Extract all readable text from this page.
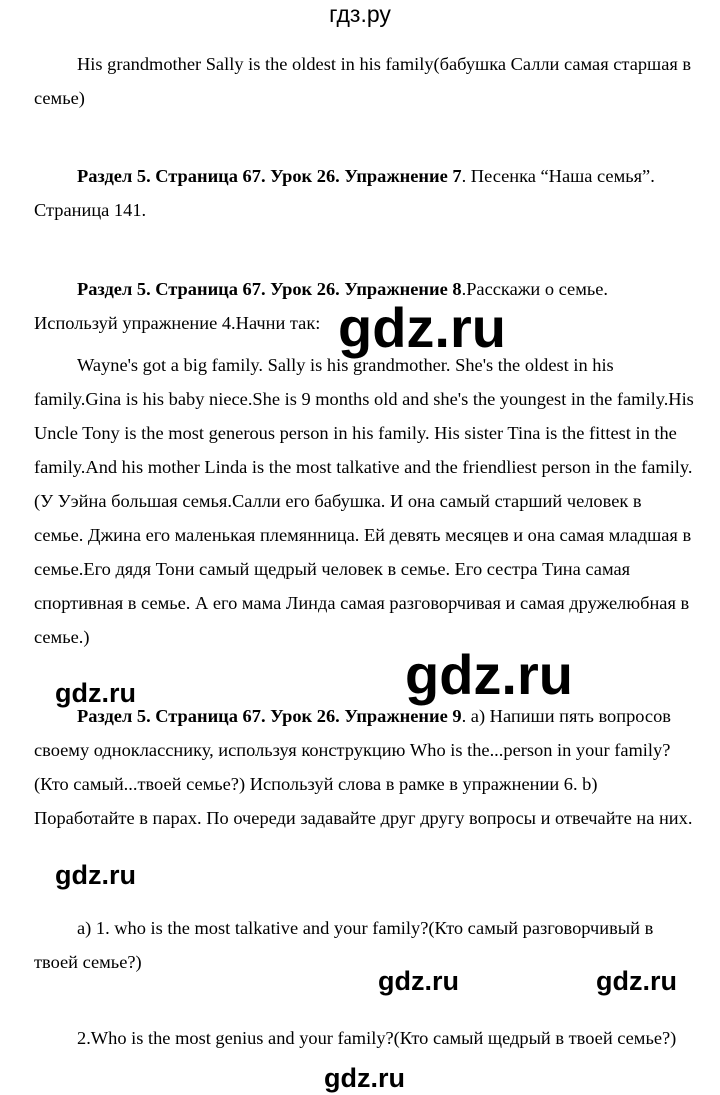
гдз.ру
His grandmother Sally is the oldest in his family(бабушка Салли самая старшая в семье)
Раздел 5. Страница 67. Урок 26. Упражнение 7. Песенка “Наша семья”. Страница 141.
Раздел 5. Страница 67. Урок 26. Упражнение 8.Расскажи о семье. Используй упражнение 4.Начни так:
Wayne's got a big family. Sally is his grandmother. She's the oldest in his family.Gina is his baby niece.She is 9 months old and she's the youngest in the family.His Uncle Tony is the most generous person in his family. His sister Tina is the fittest in the family.And his mother Linda is the most talkative and the friendliest person in the family.(У Уэйна большая семья.Салли его бабушка. И она самый старший человек в семье. Джина его маленькая племянница. Ей девять месяцев и она самая младшая в семье.Его дядя Тони самый щедрый человек в семье. Его сестра Тина самая спортивная в семье. А его мама Линда самая разговорчивая и самая дружелюбная в семье.)
Раздел 5. Страница 67. Урок 26. Упражнение 9. а) Напиши пять вопросов своему однокласснику, используя конструкцию Who is the...person in your family?(Кто самый...твоей семье?) Используй слова в рамке в упражнении 6. b) Поработайте в парах. По очереди задавайте друг другу вопросы и отвечайте на них.
а) 1. who is the most talkative and your family?(Кто самый разговорчивый в твоей семье?)
2.Who is the most genius and your family?(Кто самый щедрый в твоей семье?)
gdz.ru
gdz.ru
gdz.ru
gdz.ru
gdz.ru	gdz.ru
gdz.ru
